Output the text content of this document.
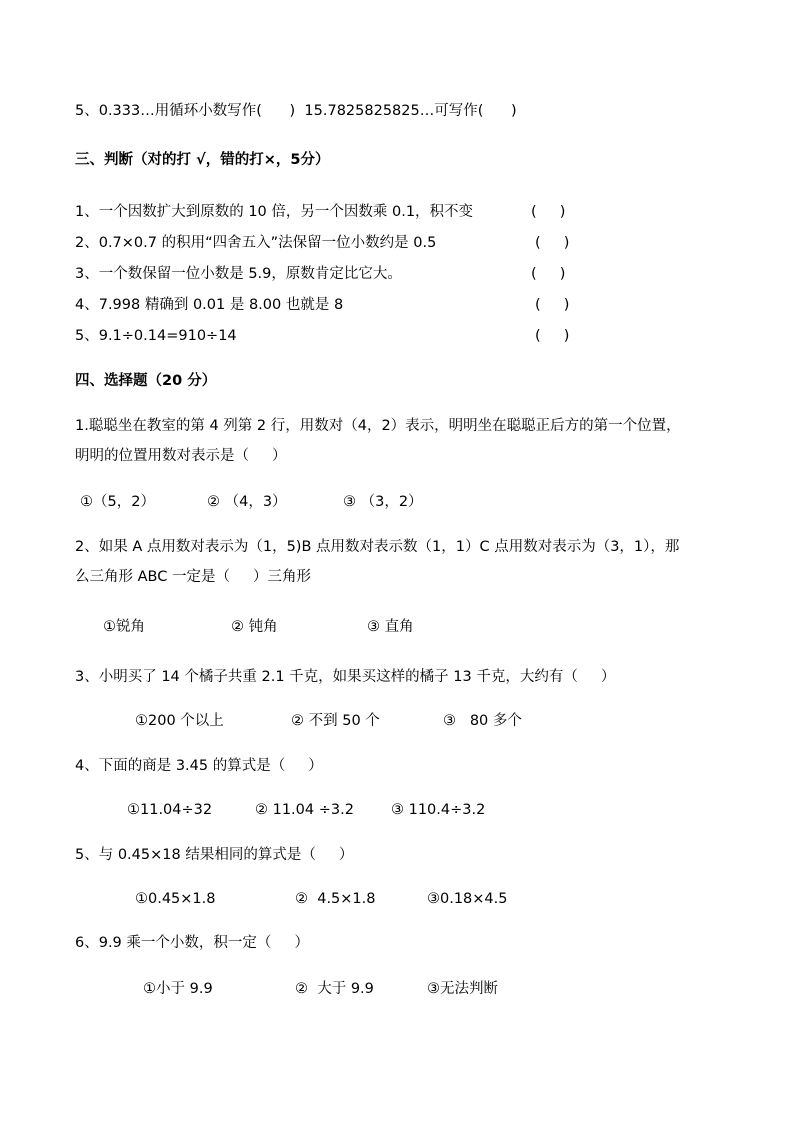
5、0.333…用循环小数写作(      )  15.7825825825…可写作(      )
三、判断（对的打 √，错的打×，5分）
1、一个因数扩大到原数的 10 倍，另一个因数乘 0.1，积不变	(     )
2、0.7×0.7 的积用“四舍五入”法保留一位小数约是 0.5	(     )
3、一个数保留一位小数是 5.9，原数肯定比它大。	(     )
4、7.998 精确到 0.01 是 8.00 也就是 8	(     )
5、9.1÷0.14=910÷14	(     )
四、选择题（20 分）
1.聪聪坐在教室的第 4 列第 2 行，用数对（4，2）表示，明明坐在聪聪正后方的第一个位置，
明明的位置用数对表示是（     ）
①（5，2）	② （4，3）	③ （3，2）
2、如果 A 点用数对表示为（1，5)B 点用数对表示数（1，1）C 点用数对表示为（3，1），那
么三角形 ABC 一定是（     ）三角形
①锐角	② 钝角	③ 直角
3、小明买了 14 个橘子共重 2.1 千克，如果买这样的橘子 13 千克，大约有（     ）
①200 个以上	② 不到 50 个	③   80 多个
4、下面的商是 3.45 的算式是（     ）
①11.04÷32	② 11.04 ÷3.2	③ 110.4÷3.2
5、与 0.45×18 结果相同的算式是（     ）
①0.45×1.8	②  4.5×1.8	③0.18×4.5
6、9.9 乘一个小数，积一定（     ）
①小于 9.9	②  大于 9.9	③无法判断
